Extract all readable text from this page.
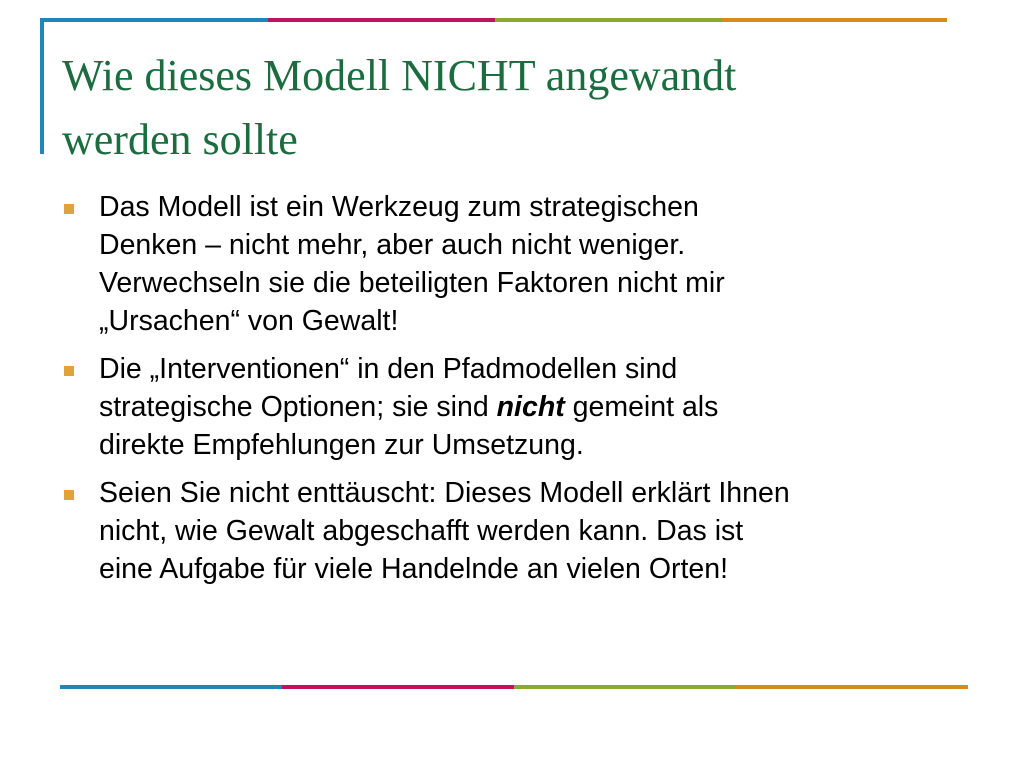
Wie dieses Modell NICHT angewandt
werden sollte
Das Modell ist ein Werkzeug zum strategischen
Denken – nicht mehr, aber auch nicht weniger.
Verwechseln sie die beteiligten Faktoren nicht mir
„Ursachen“ von Gewalt!
Die „Interventionen“ in den Pfadmodellen sind
strategische Optionen; sie sind nicht gemeint als
direkte Empfehlungen zur Umsetzung.
Seien Sie nicht enttäuscht: Dieses Modell erklärt Ihnen
nicht, wie Gewalt abgeschafft werden kann. Das ist
eine Aufgabe für viele Handelnde an vielen Orten!
